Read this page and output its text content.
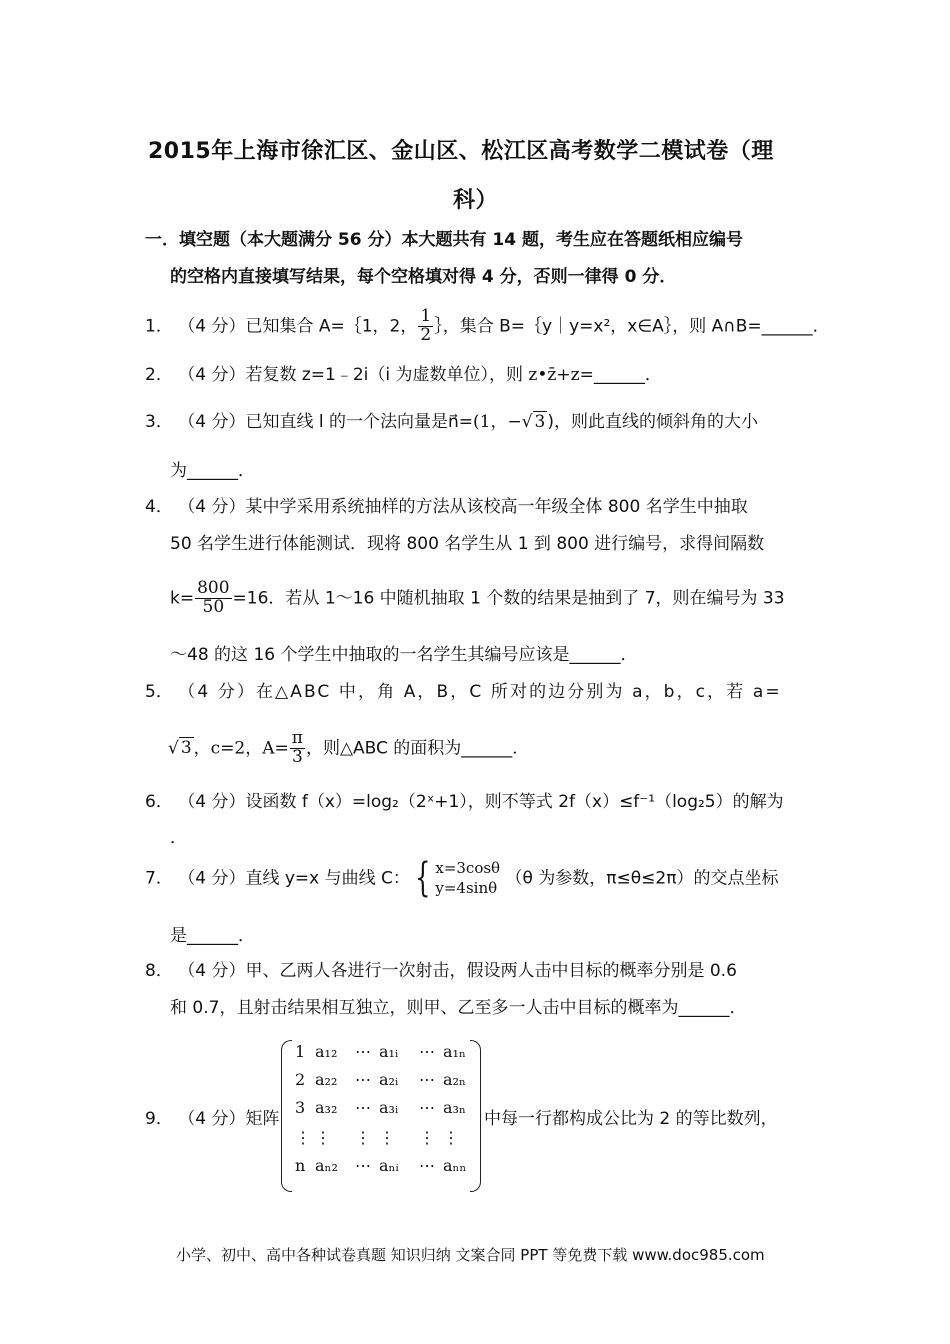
2015年上海市徐汇区、金山区、松江区高考数学二模试卷（理
科）
一．填空题（本大题满分 56 分）本大题共有 14 题，考生应在答题纸相应编号
的空格内直接填写结果，每个空格填对得 4 分，否则一律得 0 分．
1． （4 分）已知集合 A=｛1，2， $\frac{1}{2}$ ｝，集合 B=｛y｜y=x²，x∈A｝，则 A∩B=______．
2． （4 分）若复数 z=1﹣2i（i 为虚数单位），则 z•z̄+z=______．
3． （4 分）已知直线 l 的一个法向量是n⃗=(1，−√ 3 )，则此直线的倾斜角的大小
为______．
4． （4 分）某中学采用系统抽样的方法从该校高一年级全体 800 名学生中抽取
50 名学生进行体能测试．现将 800 名学生从 1 到 800 进行编号，求得间隔数
$k= \frac{800}{50} =16$．若从 1～16 中随机抽取 1 个数的结果是抽到了 7，则在编号为 33
～48 的这 16 个学生中抽取的一名学生其编号应该是______．
5． （4 分）在△ABC 中，角 A，B，C 所对的边分别为 a，b，c，若 a=
√ 3 ，c=2，$A= \frac{\pi}{3}$ ，则△ABC 的面积为______．
6． （4 分）设函数 f（x）=log₂（2ˣ+1），则不等式 2f（x）≤f⁻¹（log₂5）的解为
．
7． （4 分）直线 y=x 与曲线 C： { x=3cosθ
y=4sinθ （θ 为参数，π≤θ≤2π）的交点坐标
是______．
8． （4 分）甲、乙两人各进行一次射击，假设两人击中目标的概率分别是 0.6
和 0.7，且射击结果相互独立，则甲、乙至多一人击中目标的概率为______．
9． （4 分）矩阵
1 a₁₂ ⋯ a₁ᵢ ⋯ a₁ₙ
2 a₂₂ ⋯ a₂ᵢ ⋯ a₂ₙ
3 a₃₂ ⋯ a₃ᵢ ⋯ a₃ₙ
⋮ ⋮ ⋮ ⋮ ⋮ ⋮
n aₙ₂ ⋯ aₙᵢ ⋯ aₙₙ
中每一行都构成公比为 2 的等比数列，
小学、初中、高中各种试卷真题 知识归纳 文案合同 PPT 等免费下载 www.doc985.com
